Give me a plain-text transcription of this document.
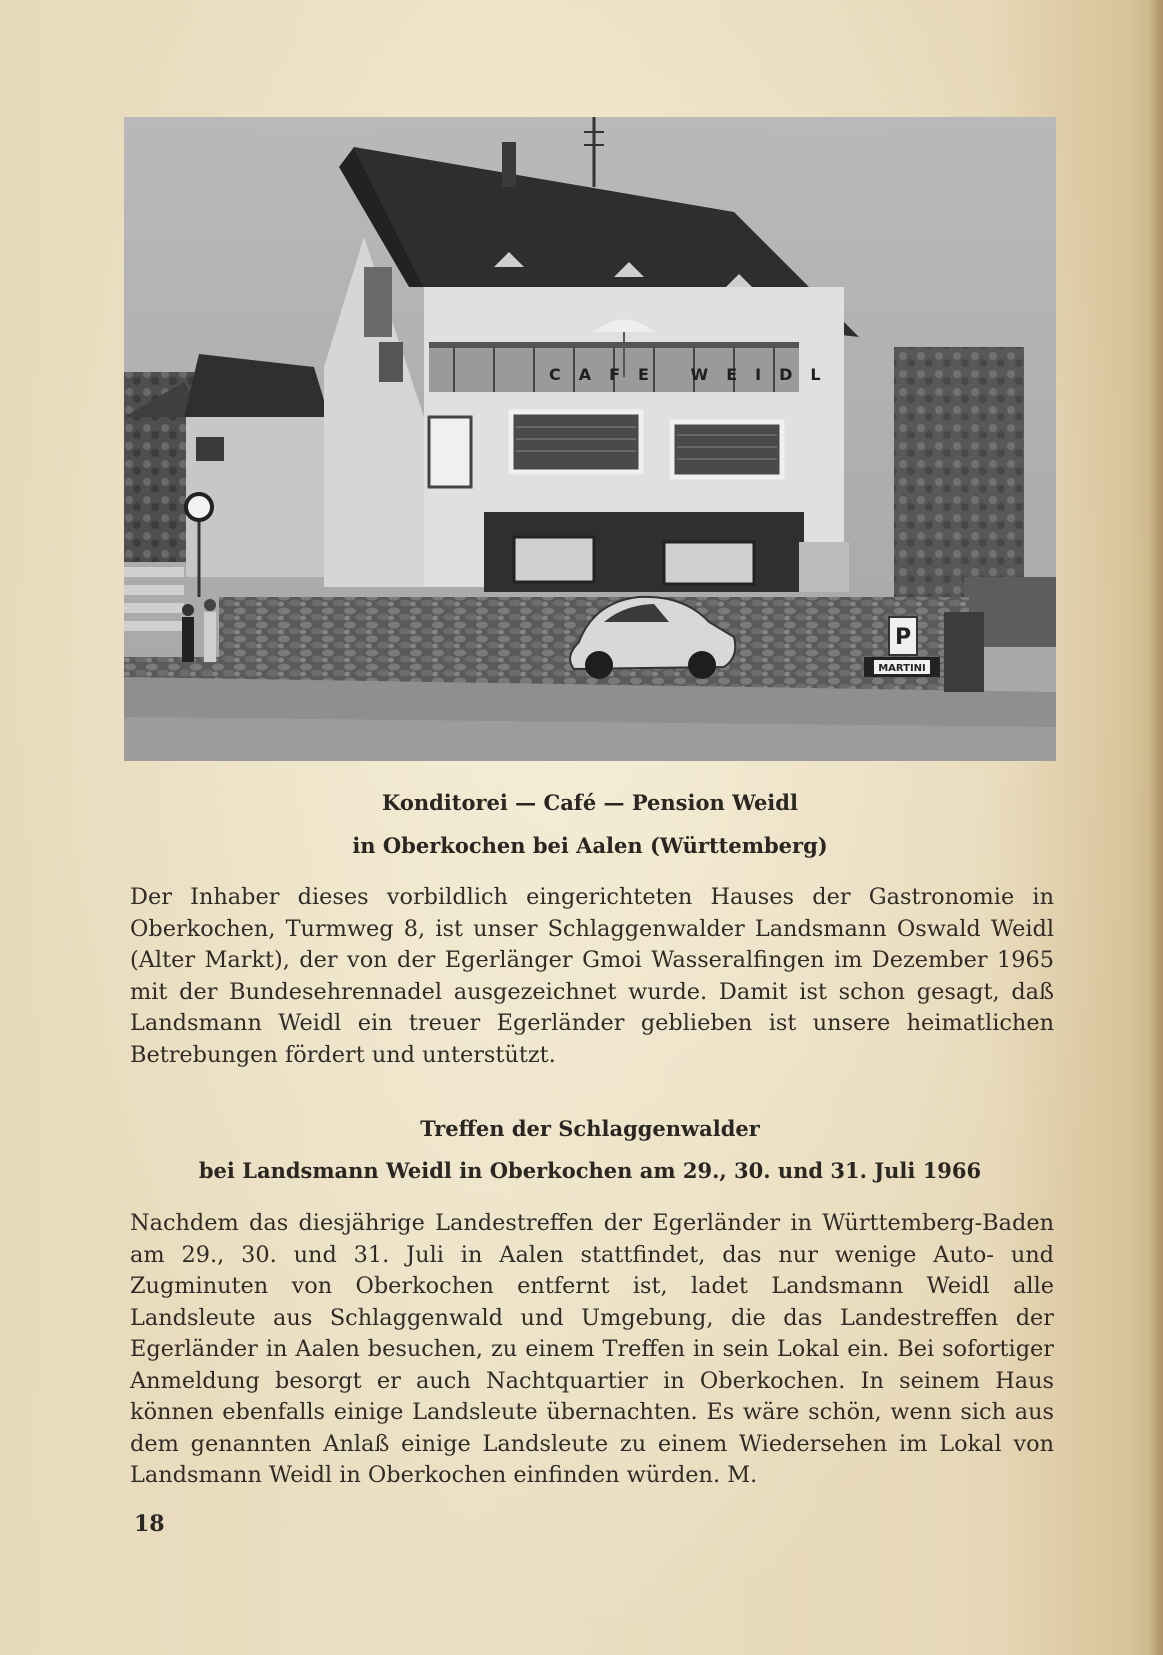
CAFE WEIDL
P
MARTINI

Konditorei — Café — Pension Weidl

in Oberkochen bei Aalen (Württemberg)

Der Inhaber dieses vorbildlich eingerichteten Hauses der Gastronomie in Oberkochen, Turmweg 8, ist unser Schlaggenwalder Landsmann Oswald Weidl (Alter Markt), der von der Egerlänger Gmoi Wasseralfingen im Dezember 1965 mit der Bundesehrennadel ausgezeichnet wurde. Damit ist schon gesagt, daß Landsmann Weidl ein treuer Egerländer geblieben ist unsere heimatlichen Betrebungen fördert und unterstützt.

Treffen der Schlaggenwalder

bei Landsmann Weidl in Oberkochen am 29., 30. und 31. Juli 1966

Nachdem das diesjährige Landestreffen der Egerländer in Württemberg-Baden am 29., 30. und 31. Juli in Aalen stattfindet, das nur wenige Auto- und Zugminuten von Oberkochen entfernt ist, ladet Landsmann Weidl alle Landsleute aus Schlaggenwald und Umgebung, die das Landestreffen der Egerländer in Aalen besuchen, zu einem Treffen in sein Lokal ein. Bei sofortiger Anmeldung besorgt er auch Nachtquartier in Oberkochen. In seinem Haus können ebenfalls einige Landsleute übernachten. Es wäre schön, wenn sich aus dem genannten Anlaß einige Landsleute zu einem Wiedersehen im Lokal von Landsmann Weidl in Oberkochen einfinden würden. M.

18
